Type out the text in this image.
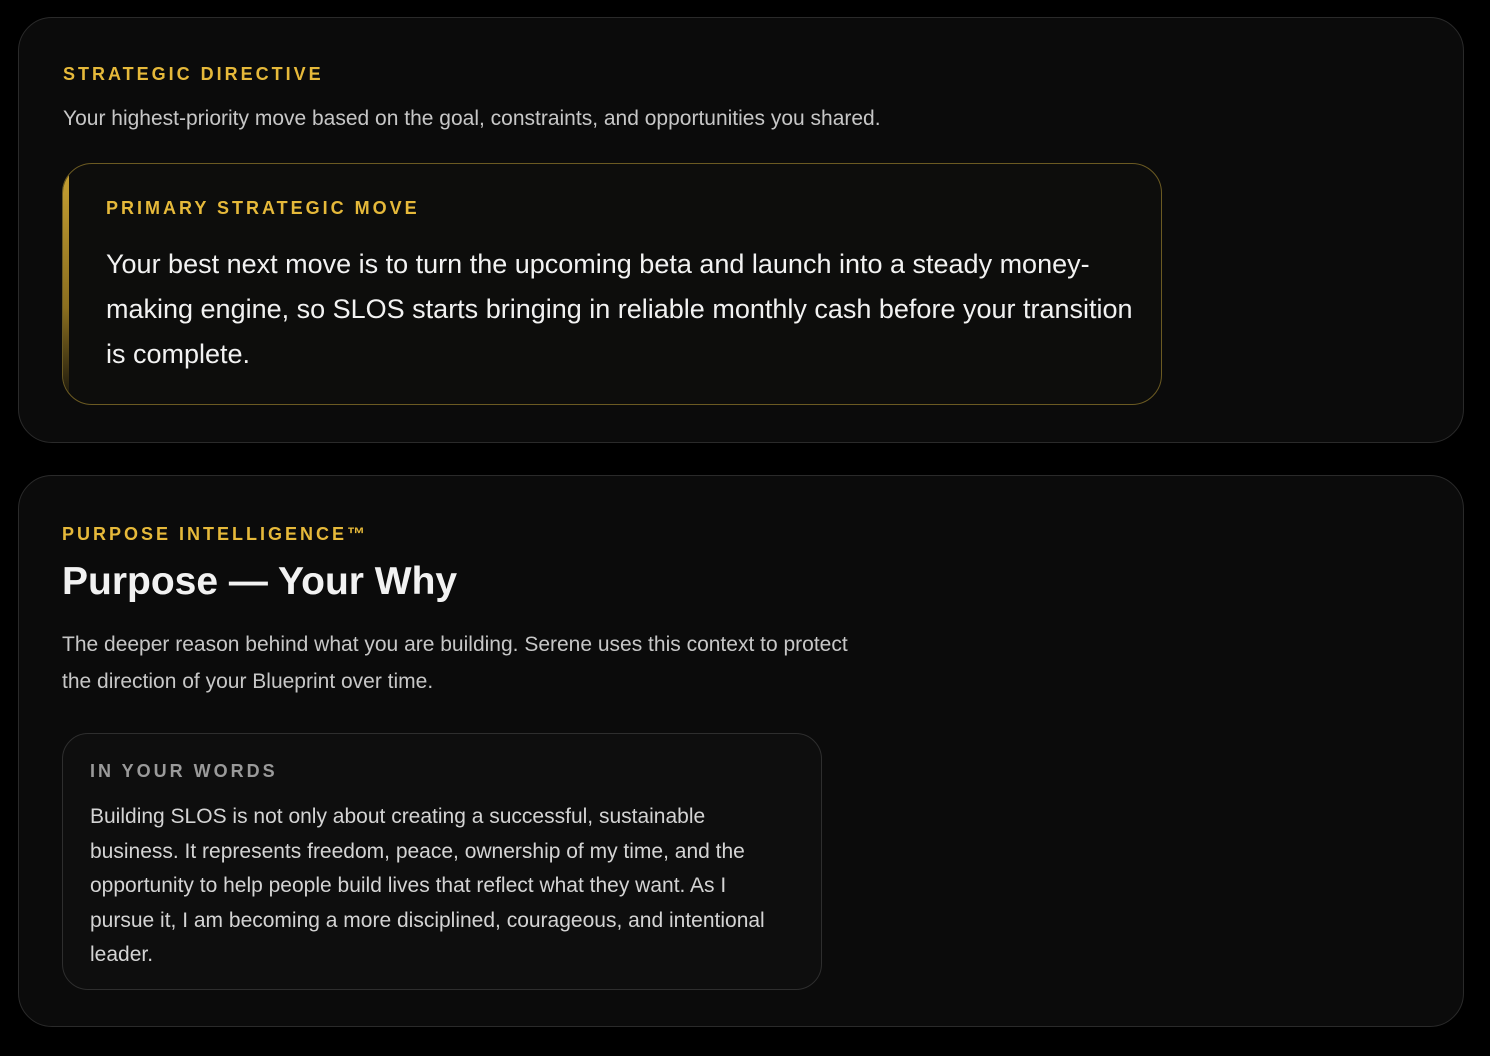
STRATEGIC DIRECTIVE
Your highest-priority move based on the goal, constraints, and opportunities you shared.
PRIMARY STRATEGIC MOVE
Your best next move is to turn the upcoming beta and launch into a steady money-making engine, so SLOS starts bringing in reliable monthly cash before your transition is complete.
PURPOSE INTELLIGENCE™
Purpose — Your Why
The deeper reason behind what you are building. Serene uses this context to protect the direction of your Blueprint over time.
IN YOUR WORDS
Building SLOS is not only about creating a successful, sustainable business. It represents freedom, peace, ownership of my time, and the opportunity to help people build lives that reflect what they want. As I pursue it, I am becoming a more disciplined, courageous, and intentional leader.
